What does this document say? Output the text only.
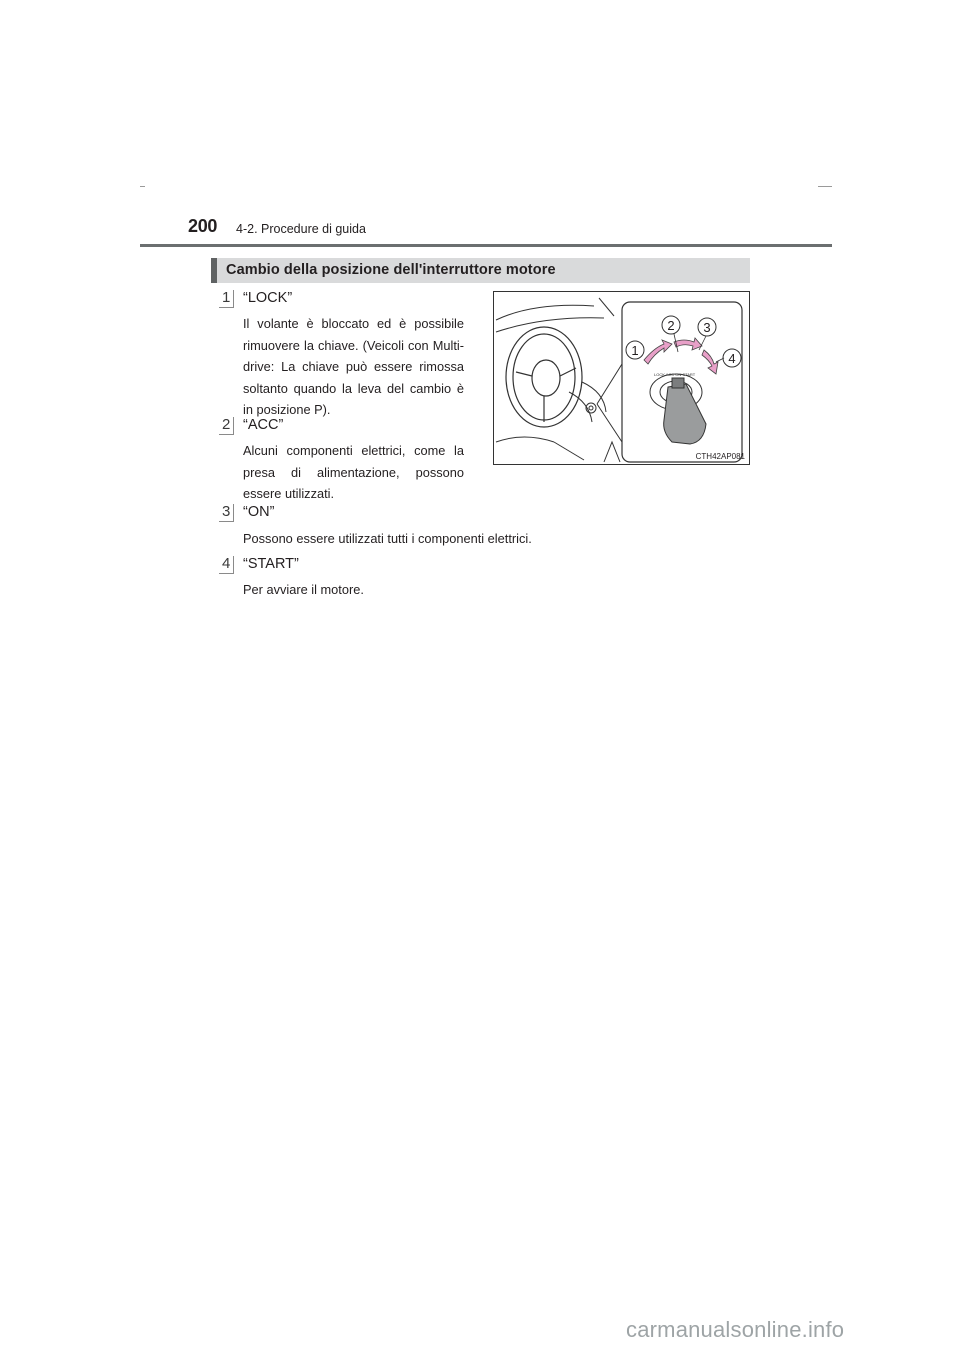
200 4-2. Procedure di guida
Cambio della posizione dell'interruttore motore
1 “LOCK”
Il volante è bloccato ed è possibile rimuovere la chiave. (Veicoli con Multi-drive: La chiave può essere rimossa soltanto quando la leva del cambio è in posizione P).
2 “ACC”
Alcuni componenti elettrici, come la presa di alimentazione, possono essere utilizzati.
3 “ON”
Possono essere utilizzati tutti i componenti elettrici.
4 “START”
Per avviare il motore.
LOCK ACC ON START
1
2 3
4
CTH42AP081
carmanualsonline.info
